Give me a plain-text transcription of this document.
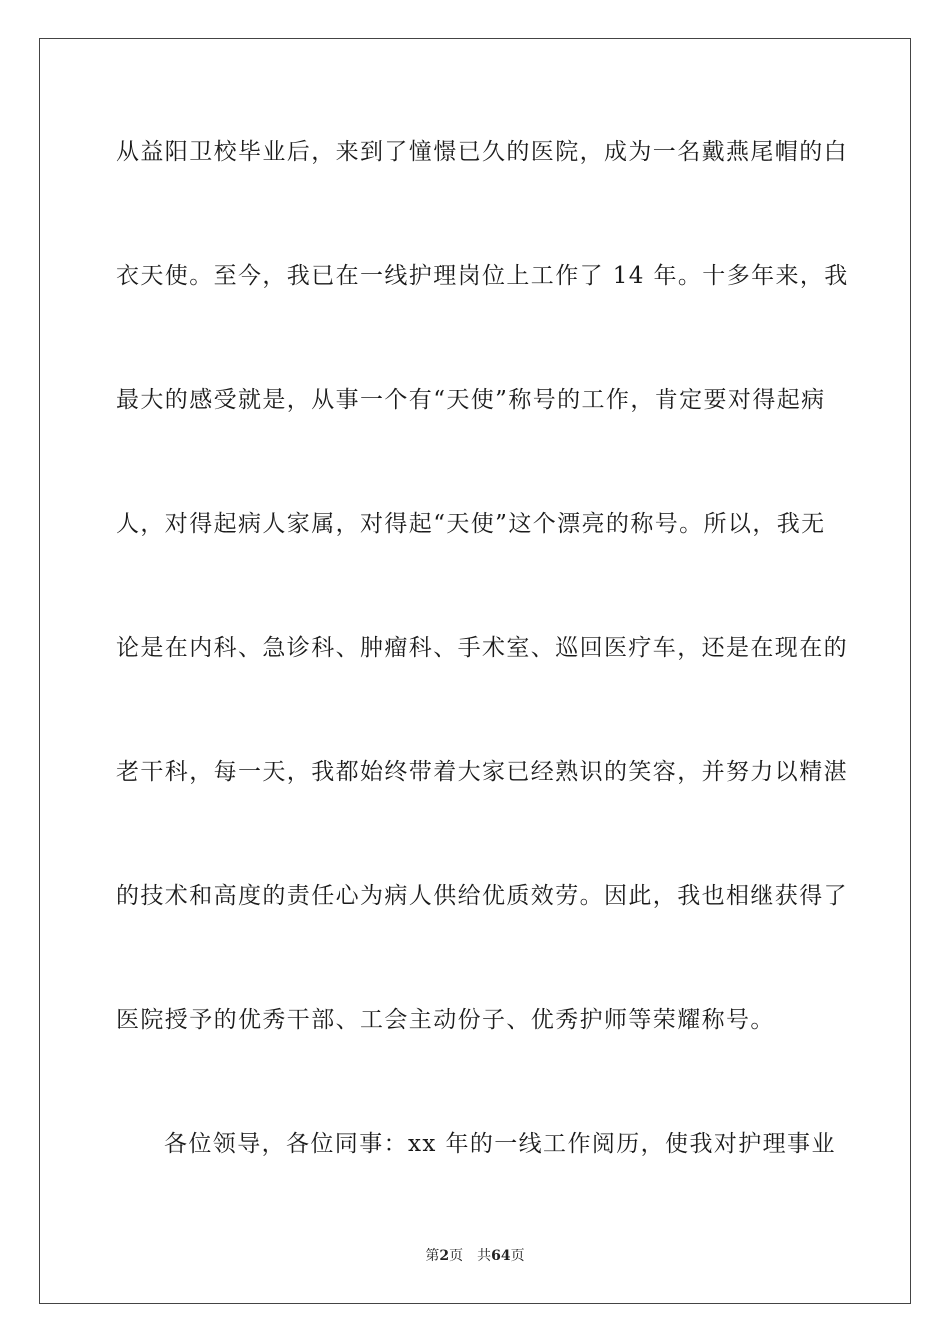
从益阳卫校毕业后，来到了憧憬已久的医院，成为一名戴燕尾帽的白
衣天使。至今，我已在一线护理岗位上工作了 14 年。十多年来，我
最大的感受就是，从事一个有“天使”称号的工作，肯定要对得起病
人，对得起病人家属，对得起“天使”这个漂亮的称号。所以，我无
论是在内科、急诊科、肿瘤科、手术室、巡回医疗车，还是在现在的
老干科，每一天，我都始终带着大家已经熟识的笑容，并努力以精湛
的技术和高度的责任心为病人供给优质效劳。因此，我也相继获得了
医院授予的优秀干部、工会主动份子、优秀护师等荣耀称号。
各位领导，各位同事：xx 年的一线工作阅历，使我对护理事业
第2页 共64页
